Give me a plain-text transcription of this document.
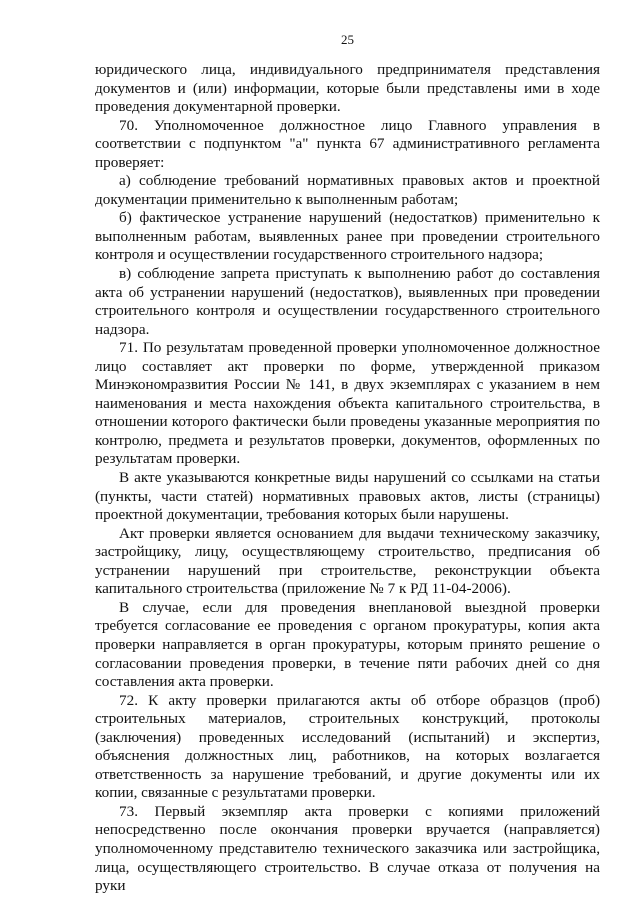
25

юридического лица, индивидуального предпринимателя представления документов и (или) информации, которые были представлены ими в ходе проведения документарной проверки.

70. Уполномоченное должностное лицо Главного управления в соответствии с подпунктом "а" пункта 67 административного регламента проверяет:

а) соблюдение требований нормативных правовых актов и проектной документации применительно к выполненным работам;

б) фактическое устранение нарушений (недостатков) применительно к выполненным работам, выявленных ранее при проведении строительного контроля и осуществлении государственного строительного надзора;

в) соблюдение запрета приступать к выполнению работ до составления акта об устранении нарушений (недостатков), выявленных при проведении строительного контроля и осуществлении государственного строительного надзора.

71. По результатам проведенной проверки уполномоченное должностное лицо составляет акт проверки по форме, утвержденной приказом Минэкономразвития России № 141, в двух экземплярах с указанием в нем наименования и места нахождения объекта капитального строительства, в отношении которого фактически были проведены указанные мероприятия по контролю, предмета и результатов проверки, документов, оформленных по результатам проверки.

В акте указываются конкретные виды нарушений со ссылками на статьи (пункты, части статей) нормативных правовых актов, листы (страницы) проектной документации, требования которых были нарушены.

Акт проверки является основанием для выдачи техническому заказчику, застройщику, лицу, осуществляющему строительство, предписания об устранении нарушений при строительстве, реконструкции объекта капитального строительства (приложение № 7 к РД 11-04-2006).

В случае, если для проведения внеплановой выездной проверки требуется согласование ее проведения с органом прокуратуры, копия акта проверки направляется в орган прокуратуры, которым принято решение о согласовании проведения проверки, в течение пяти рабочих дней со дня составления акта проверки.

72. К акту проверки прилагаются акты об отборе образцов (проб) строительных материалов, строительных конструкций, протоколы (заключения) проведенных исследований (испытаний) и экспертиз, объяснения должностных лиц, работников, на которых возлагается ответственность за нарушение требований, и другие документы или их копии, связанные с результатами проверки.

73. Первый экземпляр акта проверки с копиями приложений непосредственно после окончания проверки вручается (направляется) уполномоченному представителю технического заказчика или застройщика, лица, осуществляющего строительство. В случае отказа от получения на руки
